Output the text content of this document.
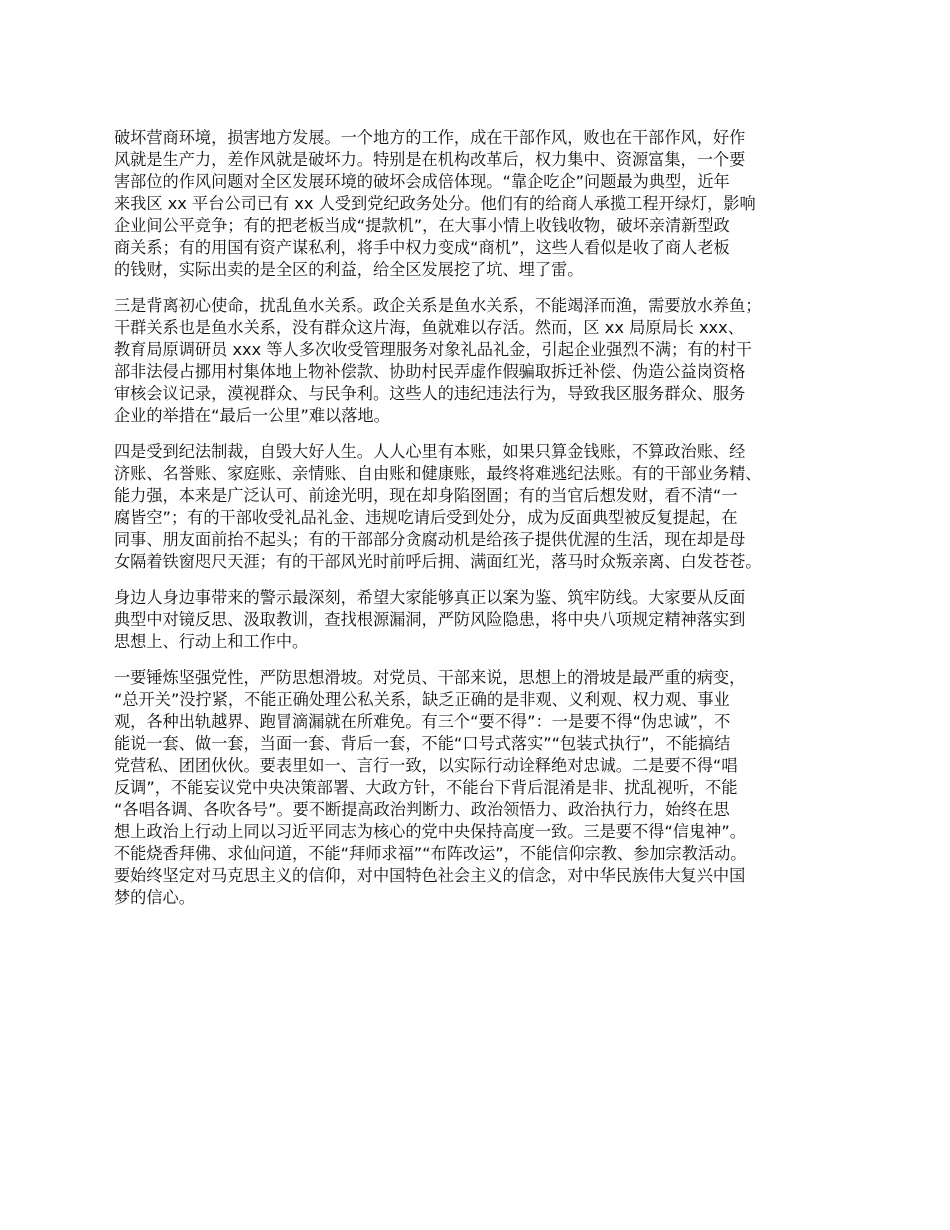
破坏营商环境，损害地方发展。一个地方的工作，成在干部作风，败也在干部作风，好作
风就是生产力，差作风就是破坏力。特别是在机构改革后，权力集中、资源富集，一个要
害部位的作风问题对全区发展环境的破坏会成倍体现。“靠企吃企”问题最为典型，近年
来我区 xx 平台公司已有 xx 人受到党纪政务处分。他们有的给商人承揽工程开绿灯，影响
企业间公平竞争；有的把老板当成“提款机”，在大事小情上收钱收物，破坏亲清新型政
商关系；有的用国有资产谋私利，将手中权力变成“商机”，这些人看似是收了商人老板
的钱财，实际出卖的是全区的利益，给全区发展挖了坑、埋了雷。

三是背离初心使命，扰乱鱼水关系。政企关系是鱼水关系，不能竭泽而渔，需要放水养鱼；
干群关系也是鱼水关系，没有群众这片海，鱼就难以存活。然而，区 xx 局原局长 xxx、
教育局原调研员 xxx 等人多次收受管理服务对象礼品礼金，引起企业强烈不满；有的村干
部非法侵占挪用村集体地上物补偿款、协助村民弄虚作假骗取拆迁补偿、伪造公益岗资格
审核会议记录，漠视群众、与民争利。这些人的违纪违法行为，导致我区服务群众、服务
企业的举措在“最后一公里”难以落地。

四是受到纪法制裁，自毁大好人生。人人心里有本账，如果只算金钱账，不算政治账、经
济账、名誉账、家庭账、亲情账、自由账和健康账，最终将难逃纪法账。有的干部业务精、
能力强，本来是广泛认可、前途光明，现在却身陷囹圄；有的当官后想发财，看不清“一
腐皆空”；有的干部收受礼品礼金、违规吃请后受到处分，成为反面典型被反复提起，在
同事、朋友面前抬不起头；有的干部部分贪腐动机是给孩子提供优渥的生活，现在却是母
女隔着铁窗咫尺天涯；有的干部风光时前呼后拥、满面红光，落马时众叛亲离、白发苍苍。

身边人身边事带来的警示最深刻，希望大家能够真正以案为鉴、筑牢防线。大家要从反面
典型中对镜反思、汲取教训，查找根源漏洞，严防风险隐患，将中央八项规定精神落实到
思想上、行动上和工作中。

一要锤炼坚强党性，严防思想滑坡。对党员、干部来说，思想上的滑坡是最严重的病变，
“总开关”没拧紧，不能正确处理公私关系，缺乏正确的是非观、义利观、权力观、事业
观，各种出轨越界、跑冒滴漏就在所难免。有三个“要不得”：一是要不得“伪忠诚”，不
能说一套、做一套，当面一套、背后一套，不能“口号式落实”“包装式执行”，不能搞结
党营私、团团伙伙。要表里如一、言行一致，以实际行动诠释绝对忠诚。二是要不得“唱
反调”，不能妄议党中央决策部署、大政方针，不能台下背后混淆是非、扰乱视听，不能
“各唱各调、各吹各号”。要不断提高政治判断力、政治领悟力、政治执行力，始终在思
想上政治上行动上同以习近平同志为核心的党中央保持高度一致。三是要不得“信鬼神”。
不能烧香拜佛、求仙问道，不能“拜师求福”“布阵改运”，不能信仰宗教、参加宗教活动。
要始终坚定对马克思主义的信仰，对中国特色社会主义的信念，对中华民族伟大复兴中国
梦的信心。
